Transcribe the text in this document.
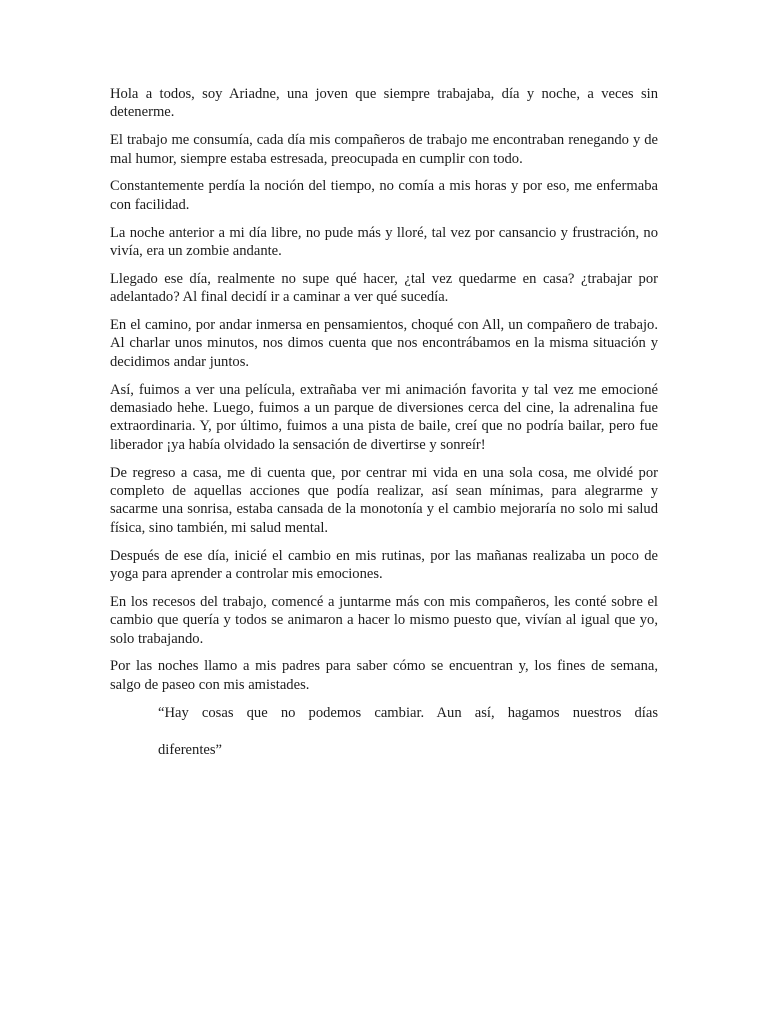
Hola a todos, soy Ariadne, una joven que siempre trabajaba, día y noche, a veces sin detenerme.

El trabajo me consumía, cada día mis compañeros de trabajo me encontraban renegando y de mal humor, siempre estaba estresada, preocupada en cumplir con todo.

Constantemente perdía la noción del tiempo, no comía a mis horas y por eso, me enfermaba con facilidad.

La noche anterior a mi día libre, no pude más y lloré, tal vez por cansancio y frustración, no vivía, era un zombie andante.

Llegado ese día, realmente no supe qué hacer, ¿tal vez quedarme en casa? ¿trabajar por adelantado? Al final decidí ir a caminar a ver qué sucedía.

En el camino, por andar inmersa en pensamientos, choqué con All, un compañero de trabajo. Al charlar unos minutos, nos dimos cuenta que nos encontrábamos en la misma situación y decidimos andar juntos.

Así, fuimos a ver una película, extrañaba ver mi animación favorita y tal vez me emocioné demasiado hehe. Luego, fuimos a un parque de diversiones cerca del cine, la adrenalina fue extraordinaria. Y, por último, fuimos a una pista de baile, creí que no podría bailar, pero fue liberador ¡ya había olvidado la sensación de divertirse y sonreír!

De regreso a casa, me di cuenta que, por centrar mi vida en una sola cosa, me olvidé por completo de aquellas acciones que podía realizar, así sean mínimas, para alegrarme y sacarme una sonrisa, estaba cansada de la monotonía y el cambio mejoraría no solo mi salud física, sino también, mi salud mental.

Después de ese día, inicié el cambio en mis rutinas, por las mañanas realizaba un poco de yoga para aprender a controlar mis emociones.

En los recesos del trabajo, comencé a juntarme más con mis compañeros, les conté sobre el cambio que quería y todos se animaron a hacer lo mismo puesto que, vivían al igual que yo, solo trabajando.

Por las noches llamo a mis padres para saber cómo se encuentran y, los fines de semana, salgo de paseo con mis amistades.

“Hay cosas que no podemos cambiar. Aun así, hagamos nuestros días

diferentes”
